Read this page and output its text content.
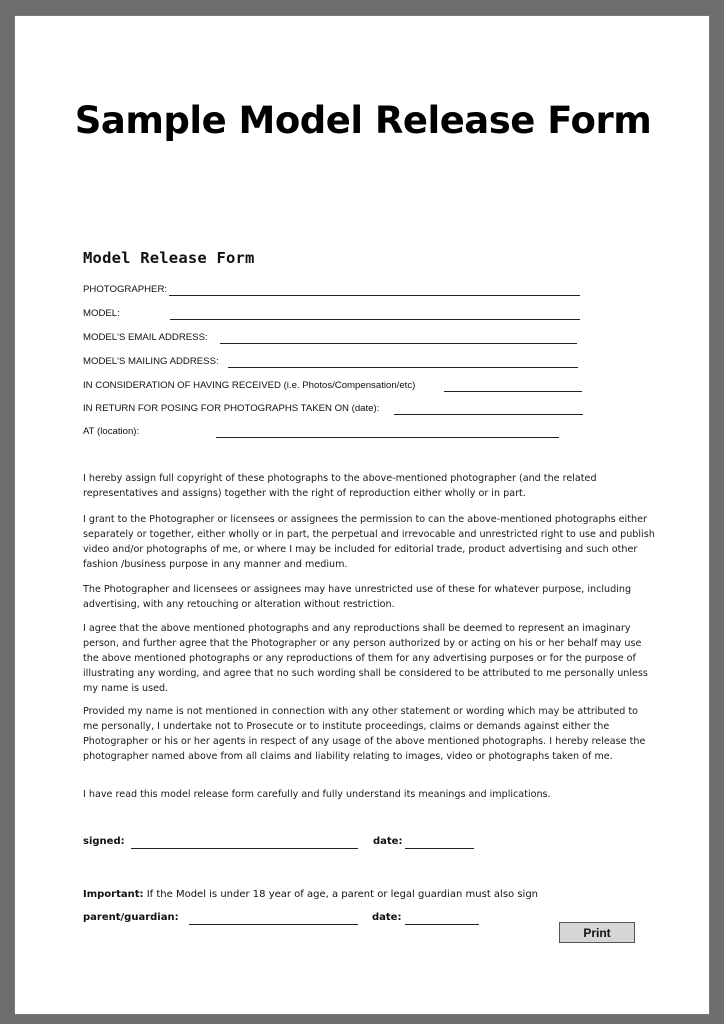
Sample Model Release Form
Model Release Form
PHOTOGRAPHER:
MODEL:
MODEL'S EMAIL ADDRESS:
MODEL'S MAILING ADDRESS:
IN CONSIDERATION OF HAVING RECEIVED (i.e. Photos/Compensation/etc)
IN RETURN FOR POSING FOR PHOTOGRAPHS TAKEN ON (date):
AT (location):

I hereby assign full copyright of these photographs to the above-mentioned photographer (and the related representatives and assigns) together with the right of reproduction either wholly or in part.

I grant to the Photographer or licensees or assignees the permission to can the above-mentioned photographs either separately or together, either wholly or in part, the perpetual and irrevocable and unrestricted right to use and publish video and/or photographs of me, or where I may be included for editorial trade, product advertising and such other fashion /business purpose in any manner and medium.

The Photographer and licensees or assignees may have unrestricted use of these for whatever purpose, including advertising, with any retouching or alteration without restriction.

I agree that the above mentioned photographs and any reproductions shall be deemed to represent an imaginary person, and further agree that the Photographer or any person authorized by or acting on his or her behalf may use the above mentioned photographs or any reproductions of them for any advertising purposes or for the purpose of illustrating any wording, and agree that no such wording shall be considered to be attributed to me personally unless my name is used.

Provided my name is not mentioned in connection with any other statement or wording which may be attributed to me personally, I undertake not to Prosecute or to institute proceedings, claims or demands against either the Photographer or his or her agents in respect of any usage of the above mentioned photographs. I hereby release the photographer named above from all claims and liability relating to images, video or photographs taken of me.

I have read this model release form carefully and fully understand its meanings and implications.

signed:	date:
Important: If the Model is under 18 year of age, a parent or legal guardian must also sign
parent/guardian:	date:
Print
